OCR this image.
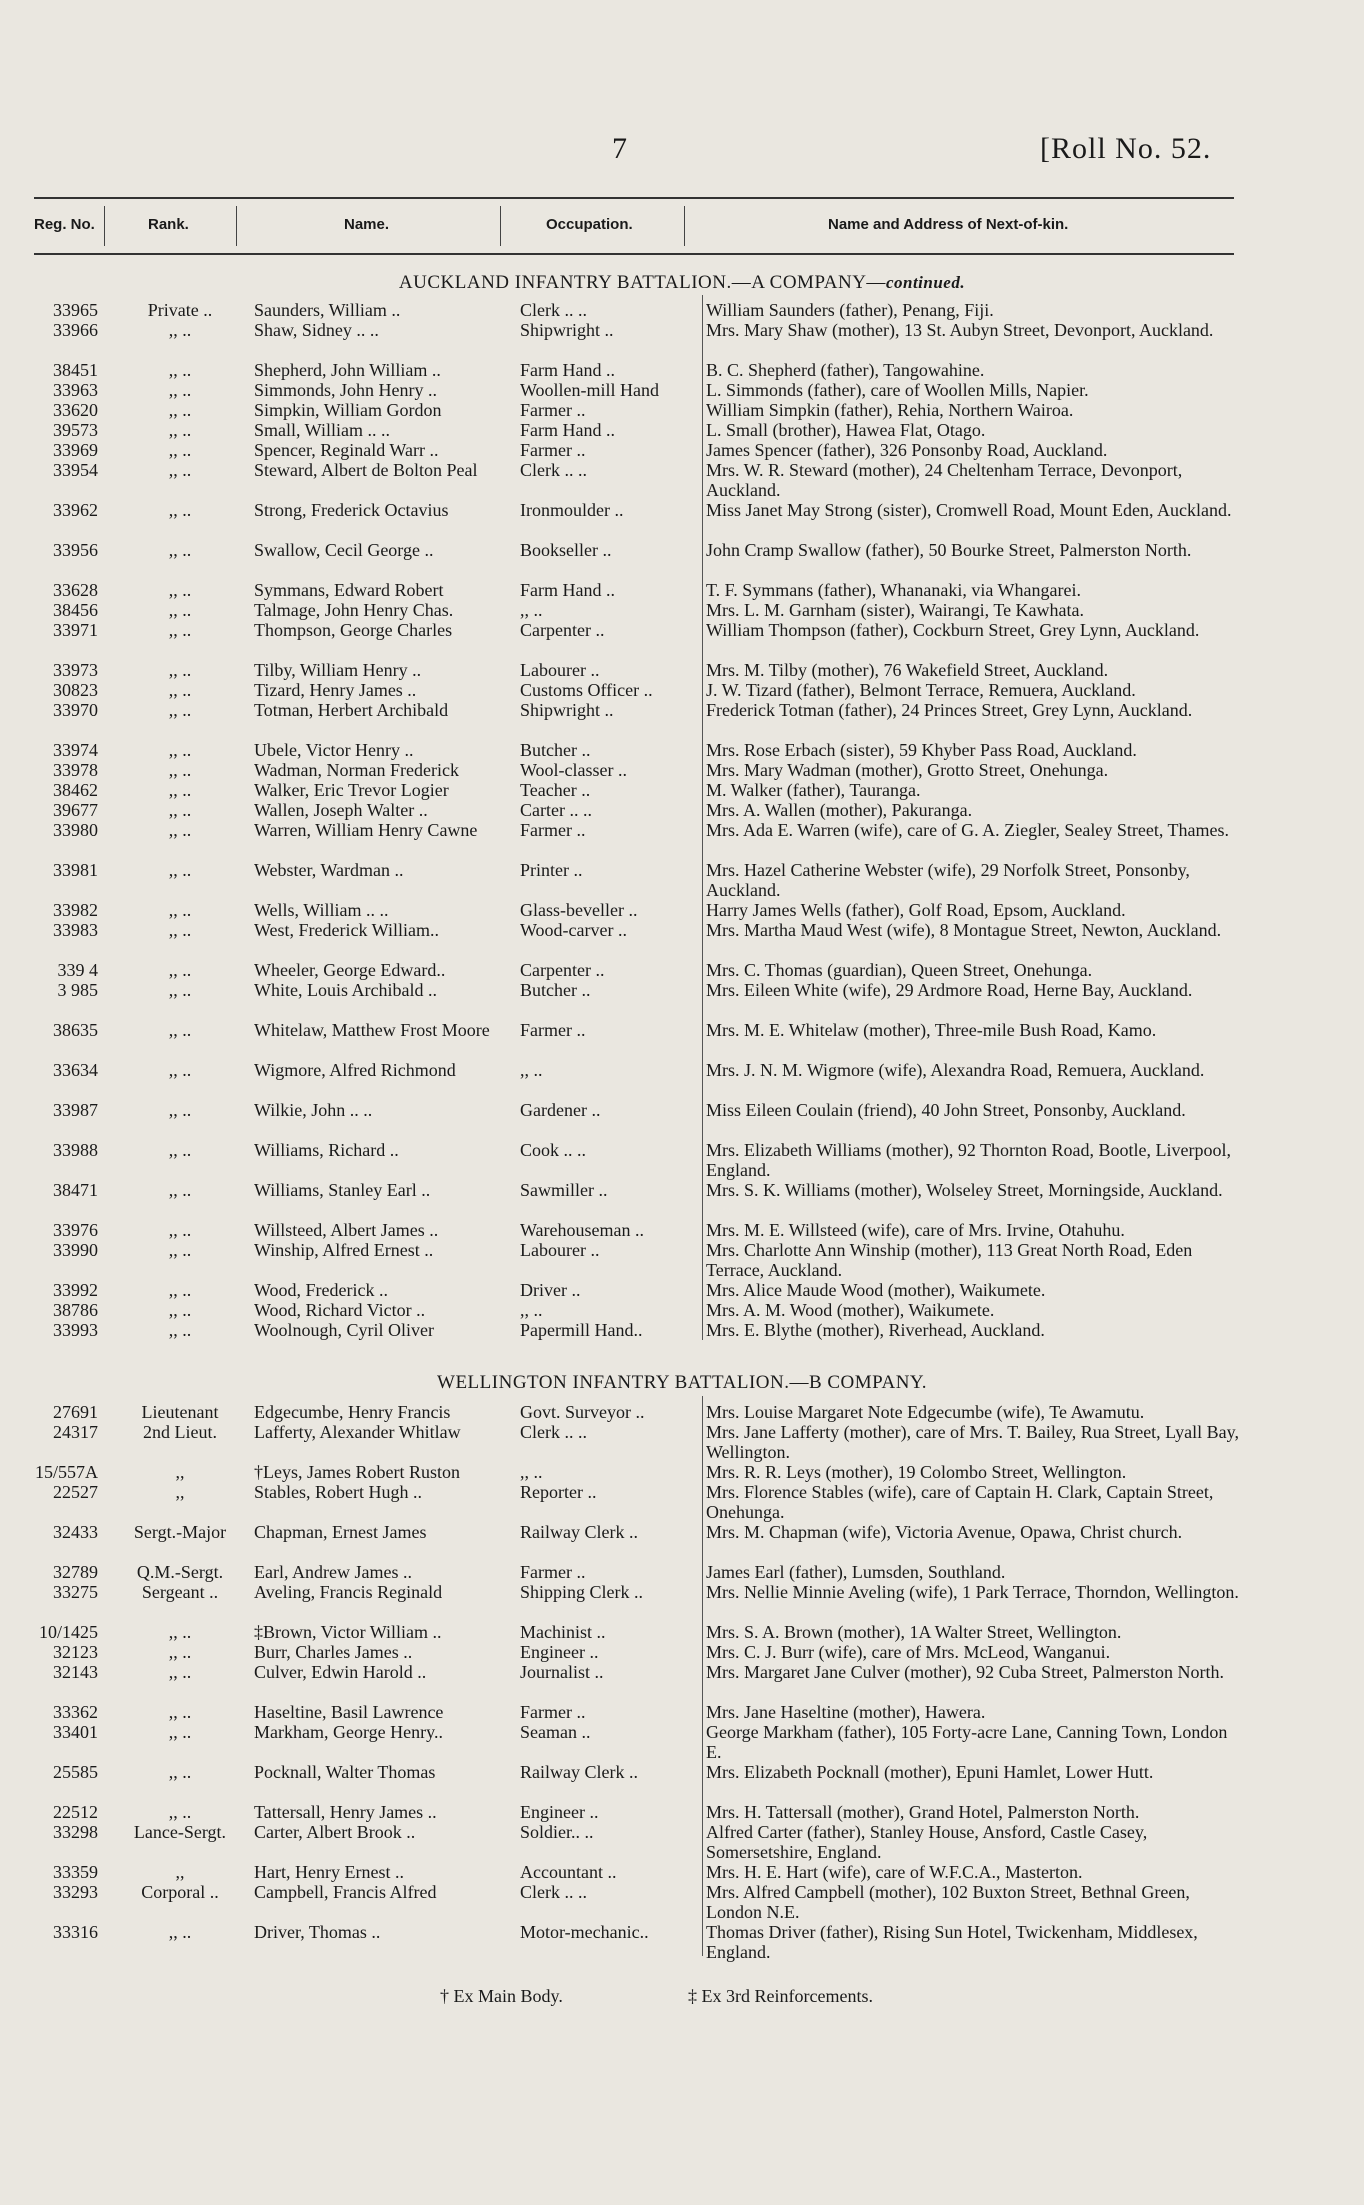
7	[Roll No. 52.
Reg. No.	Rank.	Name.	Occupation.	Name and Address of Next-of-kin.
AUCKLAND INFANTRY BATTALION.—A COMPANY—continued.
33965	Private ..	Saunders, William ..	Clerk .. ..	William Saunders (father), Penang, Fiji.
33966	,, ..	Shaw, Sidney .. ..	Shipwright ..	Mrs. Mary Shaw (mother), 13 St. Aubyn Street, Devonport, Auckland.
38451	,, ..	Shepherd, John William ..	Farm Hand ..	B. C. Shepherd (father), Tangowahine.
33963	,, ..	Simmonds, John Henry ..	Woollen-mill Hand	L. Simmonds (father), care of Woollen Mills, Napier.
33620	,, ..	Simpkin, William Gordon	Farmer ..	William Simpkin (father), Rehia, Northern Wairoa.
39573	,, ..	Small, William .. ..	Farm Hand ..	L. Small (brother), Hawea Flat, Otago.
33969	,, ..	Spencer, Reginald Warr ..	Farmer ..	James Spencer (father), 326 Ponsonby Road, Auckland.
33954	,, ..	Steward, Albert de Bolton Peal	Clerk .. ..	Mrs. W. R. Steward (mother), 24 Cheltenham Terrace, Devonport, Auckland.
33962	,, ..	Strong, Frederick Octavius	Ironmoulder ..	Miss Janet May Strong (sister), Cromwell Road, Mount Eden, Auckland.
33956	,, ..	Swallow, Cecil George ..	Bookseller ..	John Cramp Swallow (father), 50 Bourke Street, Palmerston North.
33628	,, ..	Symmans, Edward Robert	Farm Hand ..	T. F. Symmans (father), Whananaki, via Whangarei.
38456	,, ..	Talmage, John Henry Chas.	,, ..	Mrs. L. M. Garnham (sister), Wairangi, Te Kawhata.
33971	,, ..	Thompson, George Charles	Carpenter ..	William Thompson (father), Cockburn Street, Grey Lynn, Auckland.
33973	,, ..	Tilby, William Henry ..	Labourer ..	Mrs. M. Tilby (mother), 76 Wakefield Street, Auckland.
30823	,, ..	Tizard, Henry James ..	Customs Officer ..	J. W. Tizard (father), Belmont Terrace, Remuera, Auckland.
33970	,, ..	Totman, Herbert Archibald	Shipwright ..	Frederick Totman (father), 24 Princes Street, Grey Lynn, Auckland.
33974	,, ..	Ubele, Victor Henry ..	Butcher ..	Mrs. Rose Erbach (sister), 59 Khyber Pass Road, Auckland.
33978	,, ..	Wadman, Norman Frederick	Wool-classer ..	Mrs. Mary Wadman (mother), Grotto Street, Onehunga.
38462	,, ..	Walker, Eric Trevor Logier	Teacher ..	M. Walker (father), Tauranga.
39677	,, ..	Wallen, Joseph Walter ..	Carter .. ..	Mrs. A. Wallen (mother), Pakuranga.
33980	,, ..	Warren, William Henry Cawne	Farmer ..	Mrs. Ada E. Warren (wife), care of G. A. Ziegler, Sealey Street, Thames.
33981	,, ..	Webster, Wardman ..	Printer ..	Mrs. Hazel Catherine Webster (wife), 29 Norfolk Street, Ponsonby, Auckland.
33982	,, ..	Wells, William .. ..	Glass-beveller ..	Harry James Wells (father), Golf Road, Epsom, Auckland.
33983	,, ..	West, Frederick William..	Wood-carver ..	Mrs. Martha Maud West (wife), 8 Montague Street, Newton, Auckland.
339 4	,, ..	Wheeler, George Edward..	Carpenter ..	Mrs. C. Thomas (guardian), Queen Street, Onehunga.
3 985	,, ..	White, Louis Archibald ..	Butcher ..	Mrs. Eileen White (wife), 29 Ardmore Road, Herne Bay, Auckland.
38635	,, ..	Whitelaw, Matthew Frost Moore	Farmer ..	Mrs. M. E. Whitelaw (mother), Three-mile Bush Road, Kamo.
33634	,, ..	Wigmore, Alfred Richmond	,, ..	Mrs. J. N. M. Wigmore (wife), Alexandra Road, Remuera, Auckland.
33987	,, ..	Wilkie, John .. ..	Gardener ..	Miss Eileen Coulain (friend), 40 John Street, Ponsonby, Auckland.
33988	,, ..	Williams, Richard ..	Cook .. ..	Mrs. Elizabeth Williams (mother), 92 Thornton Road, Bootle, Liverpool, England.
38471	,, ..	Williams, Stanley Earl ..	Sawmiller ..	Mrs. S. K. Williams (mother), Wolseley Street, Morningside, Auckland.
33976	,, ..	Willsteed, Albert James ..	Warehouseman ..	Mrs. M. E. Willsteed (wife), care of Mrs. Irvine, Otahuhu.
33990	,, ..	Winship, Alfred Ernest ..	Labourer ..	Mrs. Charlotte Ann Winship (mother), 113 Great North Road, Eden Terrace, Auckland.
33992	,, ..	Wood, Frederick ..	Driver ..	Mrs. Alice Maude Wood (mother), Waikumete.
38786	,, ..	Wood, Richard Victor ..	,, ..	Mrs. A. M. Wood (mother), Waikumete.
33993	,, ..	Woolnough, Cyril Oliver	Papermill Hand..	Mrs. E. Blythe (mother), Riverhead, Auckland.
WELLINGTON INFANTRY BATTALION.—B COMPANY.
27691	Lieutenant	Edgecumbe, Henry Francis	Govt. Surveyor ..	Mrs. Louise Margaret Note Edgecumbe (wife), Te Awamutu.
24317	2nd Lieut.	Lafferty, Alexander Whitlaw	Clerk .. ..	Mrs. Jane Lafferty (mother), care of Mrs. T. Bailey, Rua Street, Lyall Bay, Wellington.
15/557A	,,	†Leys, James Robert Ruston	,, ..	Mrs. R. R. Leys (mother), 19 Colombo Street, Wellington.
22527	,,	Stables, Robert Hugh ..	Reporter ..	Mrs. Florence Stables (wife), care of Captain H. Clark, Captain Street, Onehunga.
32433	Sergt.-Major	Chapman, Ernest James	Railway Clerk ..	Mrs. M. Chapman (wife), Victoria Avenue, Opawa, Christ church.
32789	Q.M.-Sergt.	Earl, Andrew James ..	Farmer ..	James Earl (father), Lumsden, Southland.
33275	Sergeant ..	Aveling, Francis Reginald	Shipping Clerk ..	Mrs. Nellie Minnie Aveling (wife), 1 Park Terrace, Thorndon, Wellington.
10/1425	,, ..	‡Brown, Victor William ..	Machinist ..	Mrs. S. A. Brown (mother), 1A Walter Street, Wellington.
32123	,, ..	Burr, Charles James ..	Engineer ..	Mrs. C. J. Burr (wife), care of Mrs. McLeod, Wanganui.
32143	,, ..	Culver, Edwin Harold ..	Journalist ..	Mrs. Margaret Jane Culver (mother), 92 Cuba Street, Palmerston North.
33362	,, ..	Haseltine, Basil Lawrence	Farmer ..	Mrs. Jane Haseltine (mother), Hawera.
33401	,, ..	Markham, George Henry..	Seaman ..	George Markham (father), 105 Forty-acre Lane, Canning Town, London E.
25585	,, ..	Pocknall, Walter Thomas	Railway Clerk ..	Mrs. Elizabeth Pocknall (mother), Epuni Hamlet, Lower Hutt.
22512	,, ..	Tattersall, Henry James ..	Engineer ..	Mrs. H. Tattersall (mother), Grand Hotel, Palmerston North.
33298	Lance-Sergt.	Carter, Albert Brook ..	Soldier.. ..	Alfred Carter (father), Stanley House, Ansford, Castle Casey, Somersetshire, England.
33359	,,	Hart, Henry Ernest ..	Accountant ..	Mrs. H. E. Hart (wife), care of W.F.C.A., Masterton.
33293	Corporal ..	Campbell, Francis Alfred	Clerk .. ..	Mrs. Alfred Campbell (mother), 102 Buxton Street, Bethnal Green, London N.E.
33316	,, ..	Driver, Thomas ..	Motor-mechanic..	Thomas Driver (father), Rising Sun Hotel, Twickenham, Middlesex, England.
† Ex Main Body.	‡ Ex 3rd Reinforcements.
